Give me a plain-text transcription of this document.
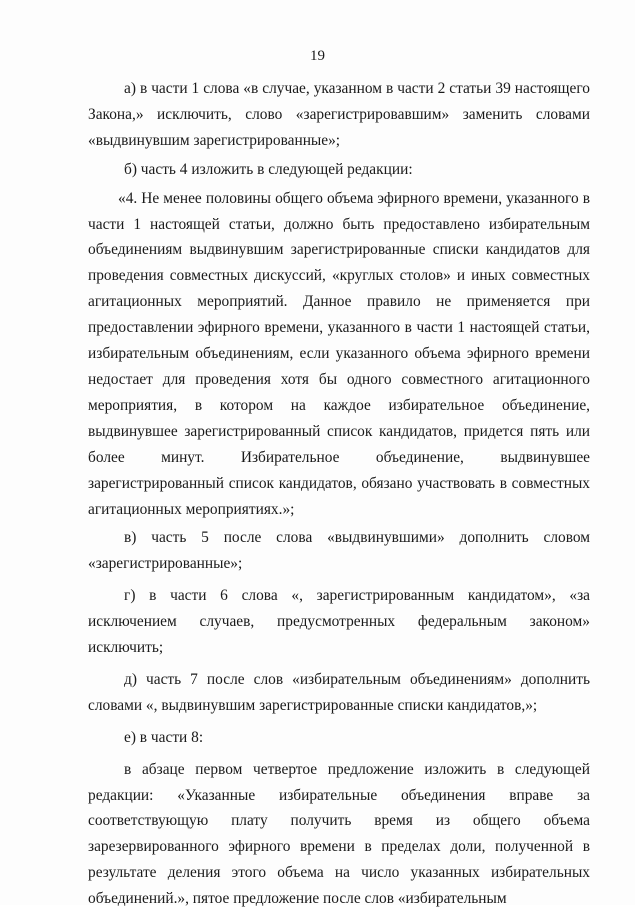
19

а) в части 1 слова «в случае, указанном в части 2 статьи 39 настоящего Закона,» исключить, слово «зарегистрировавшим» заменить словами «выдвинувшим зарегистрированные»;

б) часть 4 изложить в следующей редакции:

«4. Не менее половины общего объема эфирного времени, указанного в части 1 настоящей статьи, должно быть предоставлено избирательным объединениям выдвинувшим зарегистрированные списки кандидатов для проведения совместных дискуссий, «круглых столов» и иных совместных агитационных мероприятий. Данное правило не применяется при предоставлении эфирного времени, указанного в части 1 настоящей статьи, избирательным объединениям, если указанного объема эфирного времени недостает для проведения хотя бы одного совместного агитационного мероприятия, в котором на каждое избирательное объединение, выдвинувшее зарегистрированный список кандидатов, придется пять или более минут. Избирательное объединение, выдвинувшее зарегистрированный список кандидатов, обязано участвовать в совместных агитационных мероприятиях.»;

в) часть 5 после слова «выдвинувшими» дополнить словом «зарегистрированные»;

г) в части 6 слова «, зарегистрированным кандидатом», «за исключением случаев, предусмотренных федеральным законом» исключить;

д) часть 7 после слов «избирательным объединениям» дополнить словами «, выдвинувшим зарегистрированные списки кандидатов,»;

е) в части 8:

в абзаце первом четвертое предложение изложить в следующей редакции: «Указанные избирательные объединения вправе за соответствующую плату получить время из общего объема зарезервированного эфирного времени в пределах доли, полученной в результате деления этого объема на число указанных избирательных объединений.», пятое предложение после слов «избирательным
